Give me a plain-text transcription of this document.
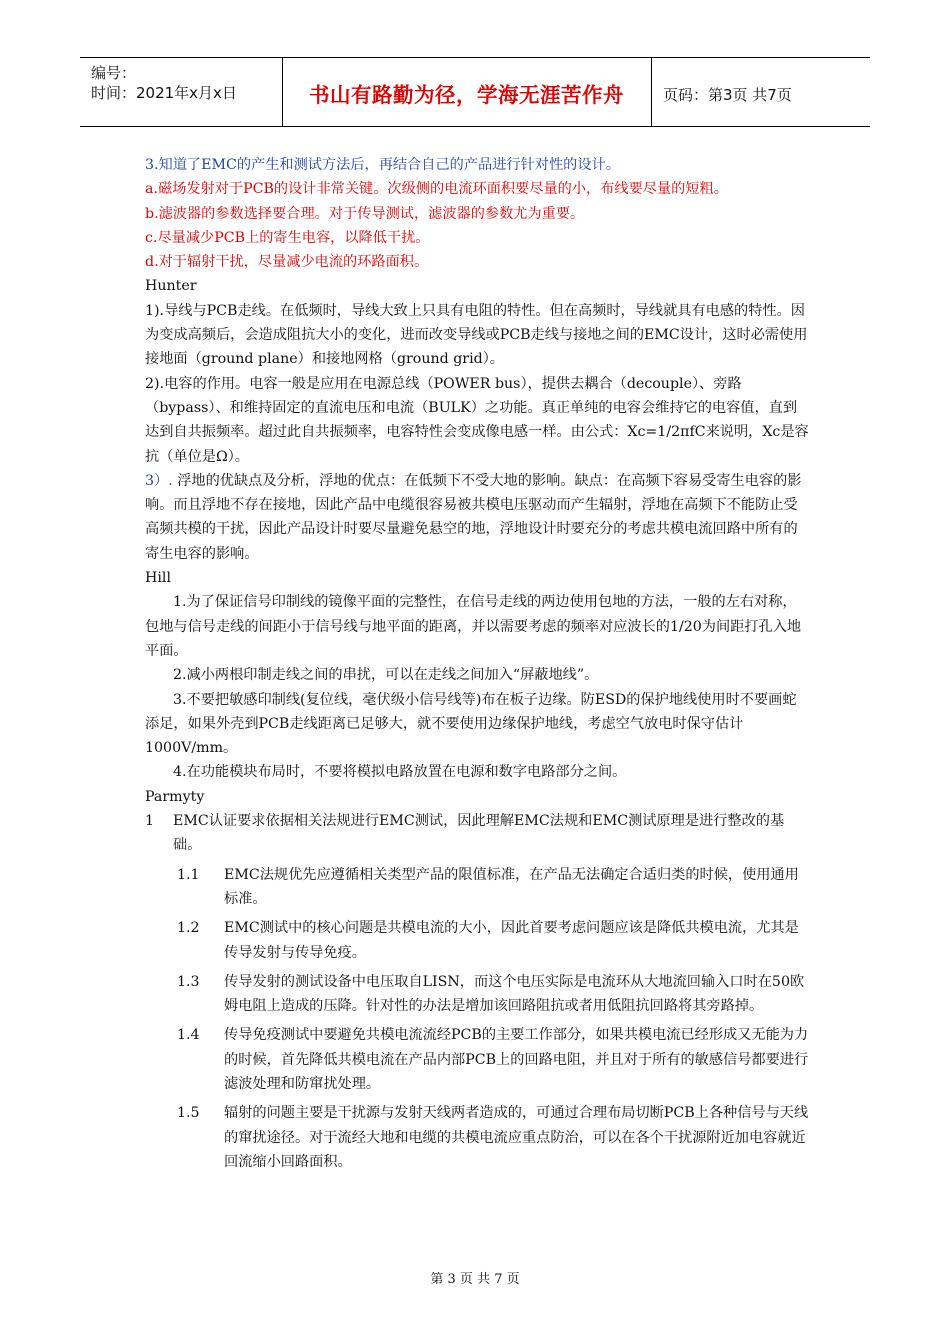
编号：
时间：2021年x月x日	书山有路勤为径，学海无涯苦作舟	页码：第3页 共7页

3.知道了EMC的产生和测试方法后，再结合自己的产品进行针对性的设计。

a.磁场发射对于PCB的设计非常关键。次级侧的电流环面积要尽量的小，布线要尽量的短粗。

b.滤波器的参数选择要合理。对于传导测试，滤波器的参数尤为重要。

c.尽量减少PCB上的寄生电容，以降低干扰。

d.对于辐射干扰，尽量减少电流的环路面积。

Hunter

1).导线与PCB走线。在低频时，导线大致上只具有电阻的特性。但在高频时，导线就具有电感的特性。因为变成高频后，会造成阻抗大小的变化，进而改变导线或PCB走线与接地之间的EMC设计，这时必需使用接地面（ground plane）和接地网格（ground grid）。

2).电容的作用。电容一般是应用在电源总线（POWER bus），提供去耦合（decouple）、旁路（bypass）、和维持固定的直流电压和电流（BULK）之功能。真正单纯的电容会维持它的电容值，直到达到自共振频率。超过此自共振频率，电容特性会变成像电感一样。由公式：Xc=1/2πfC来说明，Xc是容抗（单位是Ω）。

3）. 浮地的优缺点及分析，浮地的优点：在低频下不受大地的影响。缺点：在高频下容易受寄生电容的影响。而且浮地不存在接地，因此产品中电缆很容易被共模电压驱动而产生辐射，浮地在高频下不能防止受高频共模的干扰，因此产品设计时要尽量避免悬空的地，浮地设计时要充分的考虑共模电流回路中所有的寄生电容的影响。

Hill

1.为了保证信号印制线的镜像平面的完整性，在信号走线的两边使用包地的方法，一般的左右对称，包地与信号走线的间距小于信号线与地平面的距离，并以需要考虑的频率对应波长的1/20为间距打孔入地平面。

2.减小两根印制走线之间的串扰，可以在走线之间加入“屏蔽地线”。

3.不要把敏感印制线(复位线，毫伏级小信号线等)布在板子边缘。防ESD的保护地线使用时不要画蛇添足，如果外壳到PCB走线距离已足够大，就不要使用边缘保护地线，考虑空气放电时保守估计1000V/mm。

4.在功能模块布局时，不要将模拟电路放置在电源和数字电路部分之间。

Parmyty

1	EMC认证要求依据相关法规进行EMC测试，因此理解EMC法规和EMC测试原理是进行整改的基础。
1.1	EMC法规优先应遵循相关类型产品的限值标准，在产品无法确定合适归类的时候，使用通用标准。
1.2	EMC测试中的核心问题是共模电流的大小，因此首要考虑问题应该是降低共模电流，尤其是传导发射与传导免疫。
1.3	传导发射的测试设备中电压取自LISN，而这个电压实际是电流环从大地流回输入口时在50欧姆电阻上造成的压降。针对性的办法是增加该回路阻抗或者用低阻抗回路将其旁路掉。
1.4	传导免疫测试中要避免共模电流流经PCB的主要工作部分，如果共模电流已经形成又无能为力的时候，首先降低共模电流在产品内部PCB上的回路电阻，并且对于所有的敏感信号都要进行滤波处理和防窜扰处理。
1.5	辐射的问题主要是干扰源与发射天线两者造成的，可通过合理布局切断PCB上各种信号与天线的窜扰途径。对于流经大地和电缆的共模电流应重点防治，可以在各个干扰源附近加电容就近回流缩小回路面积。
第 3 页 共 7 页
